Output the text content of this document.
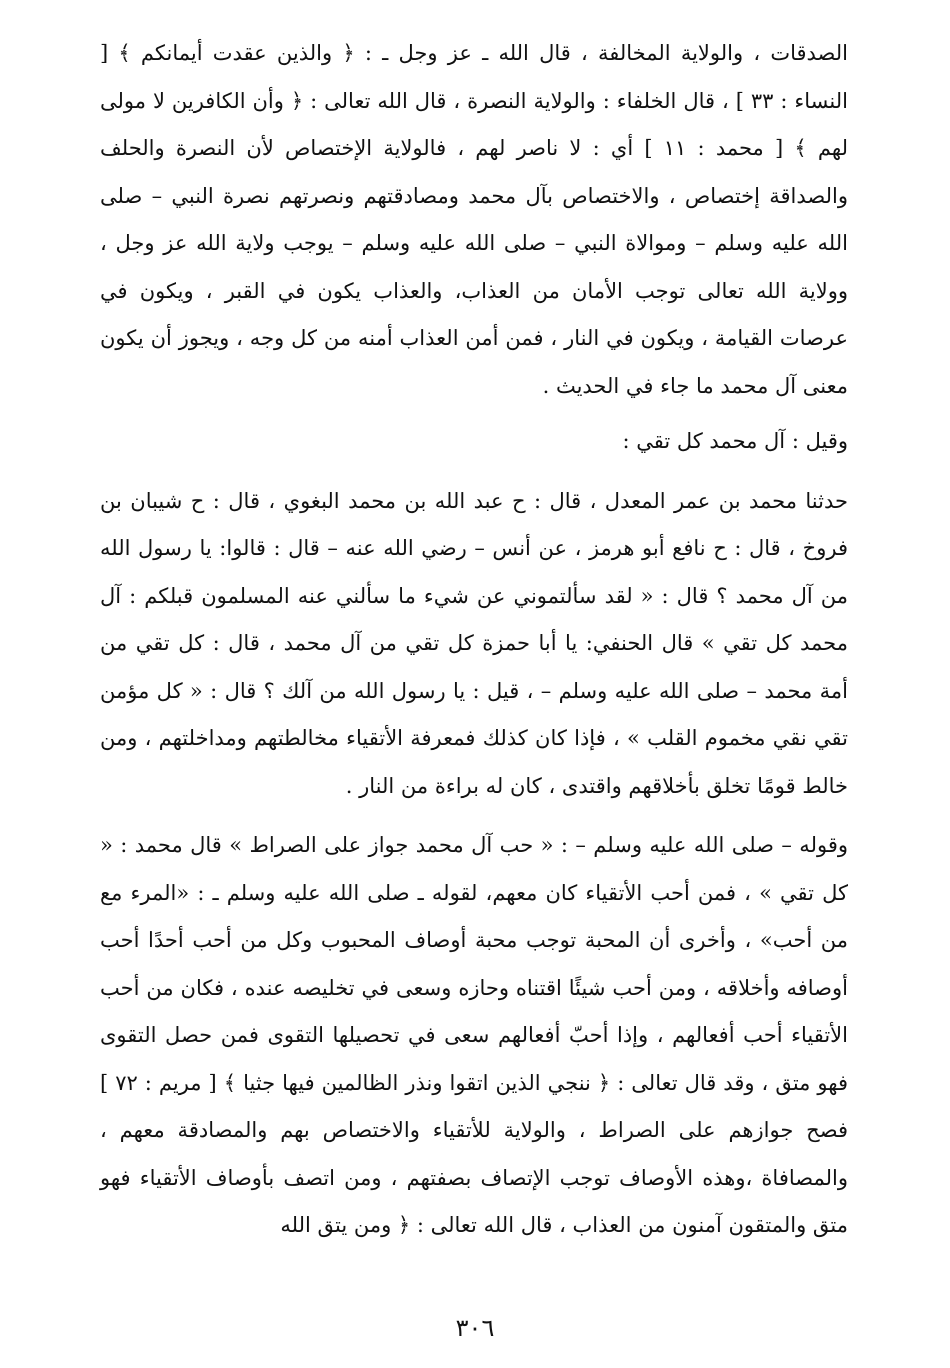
الصدقات ، والولاية المخالفة ، قال الله ـ عز وجل ـ : ﴿ والذين عقدت أيمانكم ﴾ [ النساء : ٣٣ ] ، قال الخلفاء : والولاية النصرة ، قال الله تعالى : ﴿ وأن الكافرين لا مولى لهم ﴾ [ محمد : ١١ ] أي : لا ناصر لهم ، فالولاية الإختصاص لأن النصرة والحلف والصداقة إختصاص ، والاختصاص بآل محمد ومصادقتهم ونصرتهم نصرة النبي – صلى الله عليه وسلم – وموالاة النبي – صلى الله عليه وسلم – يوجب ولاية الله عز وجل ، وولاية الله تعالى توجب الأمان من العذاب، والعذاب يكون في القبر ، ويكون في عرصات القيامة ، ويكون في النار ، فمن أمن العذاب أمنه من كل وجه ، ويجوز أن يكون معنى آل محمد ما جاء في الحديث .

وقيل : آل محمد كل تقي :

حدثنا محمد بن عمر المعدل ، قال : ح عبد الله بن محمد البغوي ، قال : ح شيبان بن فروخ ، قال : ح نافع أبو هرمز ، عن أنس – رضي الله عنه – قال : قالوا: يا رسول الله من آل محمد ؟ قال : « لقد سألتموني عن شيء ما سألني عنه المسلمون قبلكم : آل محمد كل تقي » قال الحنفي: يا أبا حمزة كل تقي من آل محمد ، قال : كل تقي من أمة محمد – صلى الله عليه وسلم – ، قيل : يا رسول الله من آلك ؟ قال : « كل مؤمن تقي نقي مخموم القلب » ، فإذا كان كذلك فمعرفة الأتقياء مخالطتهم ومداخلتهم ، ومن خالط قومًا تخلق بأخلاقهم واقتدى ، كان له براءة من النار .

وقوله – صلى الله عليه وسلم – : « حب آل محمد جواز على الصراط » قال محمد : « كل تقي » ، فمن أحب الأتقياء كان معهم، لقوله ـ صلى الله عليه وسلم ـ : «المرء مع من أحب» ، وأخرى أن المحبة توجب محبة أوصاف المحبوب وكل من أحب أحدًا أحب أوصافه وأخلاقه ، ومن أحب شيئًا اقتناه وحازه وسعى في تخليصه عنده ، فكان من أحب الأتقياء أحب أفعالهم ، وإذا أحبّ أفعالهم سعى في تحصيلها التقوى فمن حصل التقوى فهو متق ، وقد قال تعالى : ﴿ ننجي الذين اتقوا ونذر الظالمين فيها جثيا ﴾ [ مريم : ٧٢ ] فصح جوازهم على الصراط ، والولاية للأتقياء والاختصاص بهم والمصادقة معهم ، والمصافاة ،وهذه الأوصاف توجب الإتصاف بصفتهم ، ومن اتصف بأوصاف الأتقياء فهو متق والمتقون آمنون من العذاب ، قال الله تعالى : ﴿ ومن يتق الله

٣٠٦
